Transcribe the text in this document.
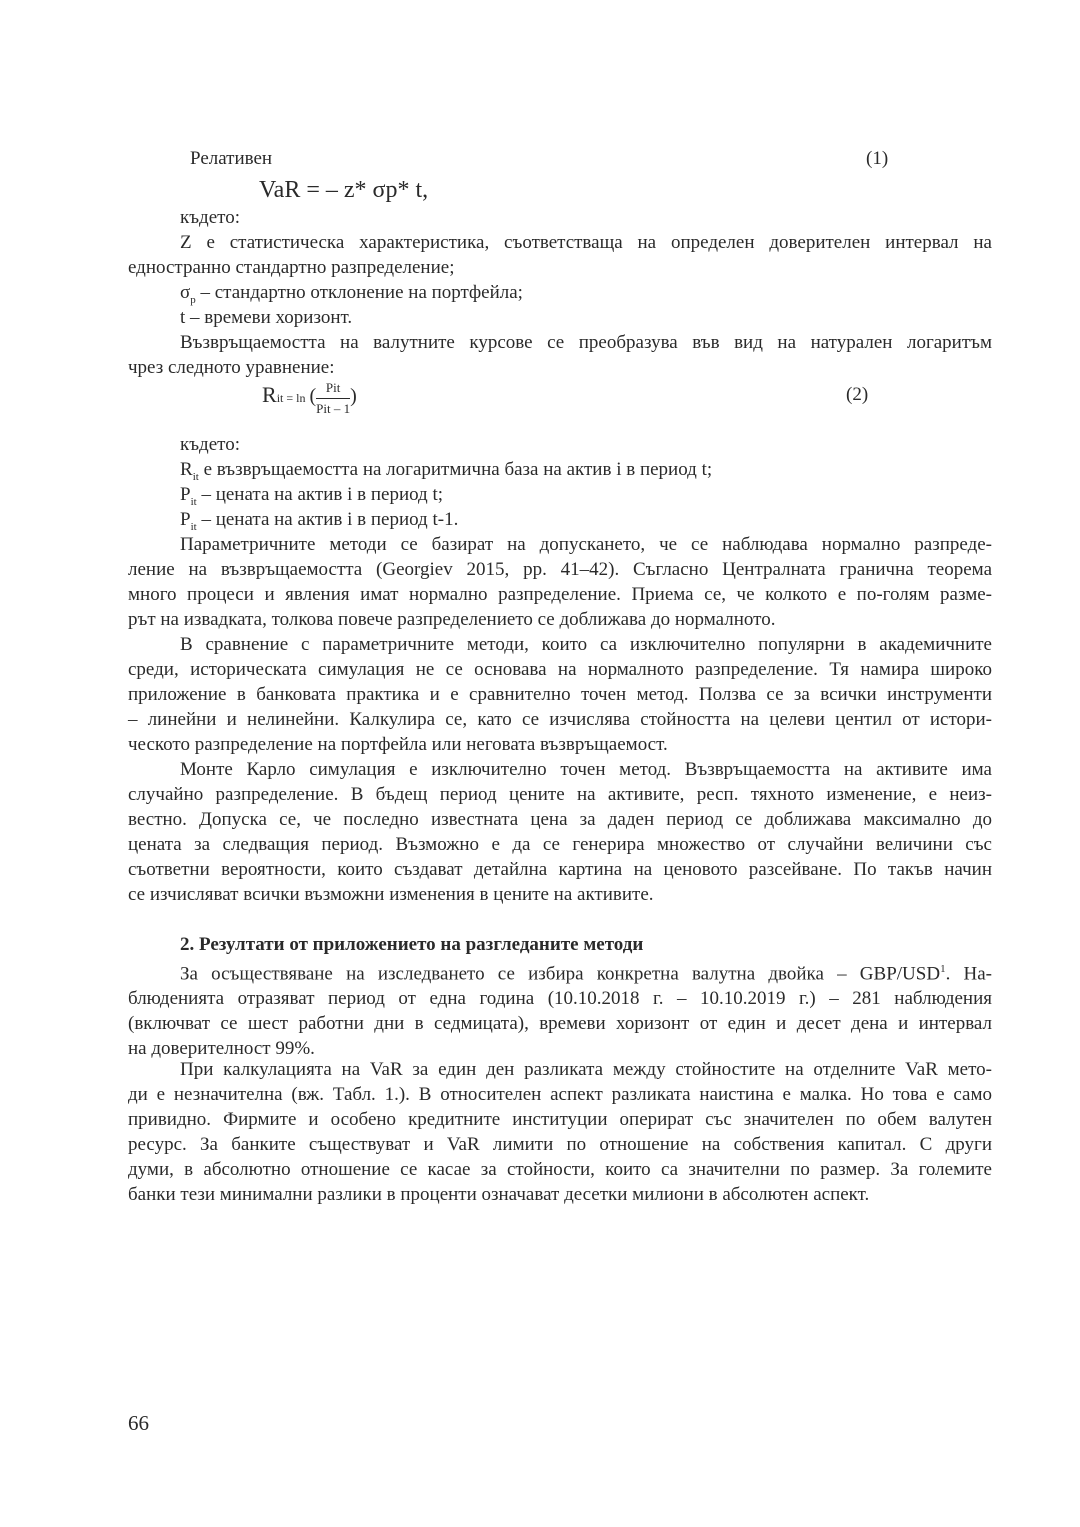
Релативен	(1)
VaR = – z* σp* t,
където:

Z е статистическа характеристика, съответстваща на определен доверителен интервал на
едностранно стандартно разпределение;

$\sigma_p$ – стандартно отклонение на портфейла;
t – времеви хоризонт.

Възвръщаемостта на валутните курсове се преобразува във вид на натурален логаритъм
чрез следното уравнение:

Rit = ln ( $\frac{\text{Pit}}{\text{Pit – 1}}$ )	(2)
където:
$R_{it}$ е възвръщаемостта на логаритмична база на актив i в период t;
$P_{it}$ – цената на актив i в период t;
$P_{it}$ – цената на актив i в период t-1.

Параметричните методи се базират на допускането, че се наблюдава нормално разпреде-
ление на възвръщаемостта (Georgiev 2015, pp. 41–42). Съгласно Централната гранична теорема
много процеси и явления имат нормално разпределение. Приема се, че колкото е по-голям разме-
рът на извадката, толкова повече разпределението се доближава до нормалното.

В сравнение с параметричните методи, които са изключително популярни в академичните
среди, историческата симулация не се основава на нормалното разпределение. Тя намира широко
приложение в банковата практика и е сравнително точен метод. Ползва се за всички инструменти
– линейни и нелинейни. Калкулира се, като се изчислява стойността на целеви центил от истори-
ческото разпределение на портфейла или неговата възвръщаемост.

Монте Карло симулация е изключително точен метод. Възвръщаемостта на активите има
случайно разпределение. В бъдещ период цените на активите, респ. тяхното изменение, е неиз-
вестно. Допуска се, че последно известната цена за даден период се доближава максимално до
цената за следващия период. Възможно е да се генерира множество от случайни величини със
съответни вероятности, които създават детайлна картина на ценовото разсейване. По такъв начин
се изчисляват всички възможни изменения в цените на активите.

2. Резултати от приложението на разгледаните методи

За осъществяване на изследването се избира конкретна валутна двойка – GBP/USD$^1$. На-
блюденията отразяват период от една година (10.10.2018 г. – 10.10.2019 г.) – 281 наблюдения
(включват се шест работни дни в седмицата), времеви хоризонт от един и десет дена и интервал
на доверителност 99%.

При калкулацията на VaR за един ден разликата между стойностите на отделните VaR мето-
ди е незначителна (вж. Табл. 1.). В относителен аспект разликата наистина е малка. Но това е само
привидно. Фирмите и особено кредитните институции оперират със значителен по обем валутен
ресурс. За банките съществуват и VaR лимити по отношение на собствения капитал. С други
думи, в абсолютно отношение се касае за стойности, които са значителни по размер. За големите
банки тези минимални разлики в проценти означават десетки милиони в абсолютен аспект.

66
